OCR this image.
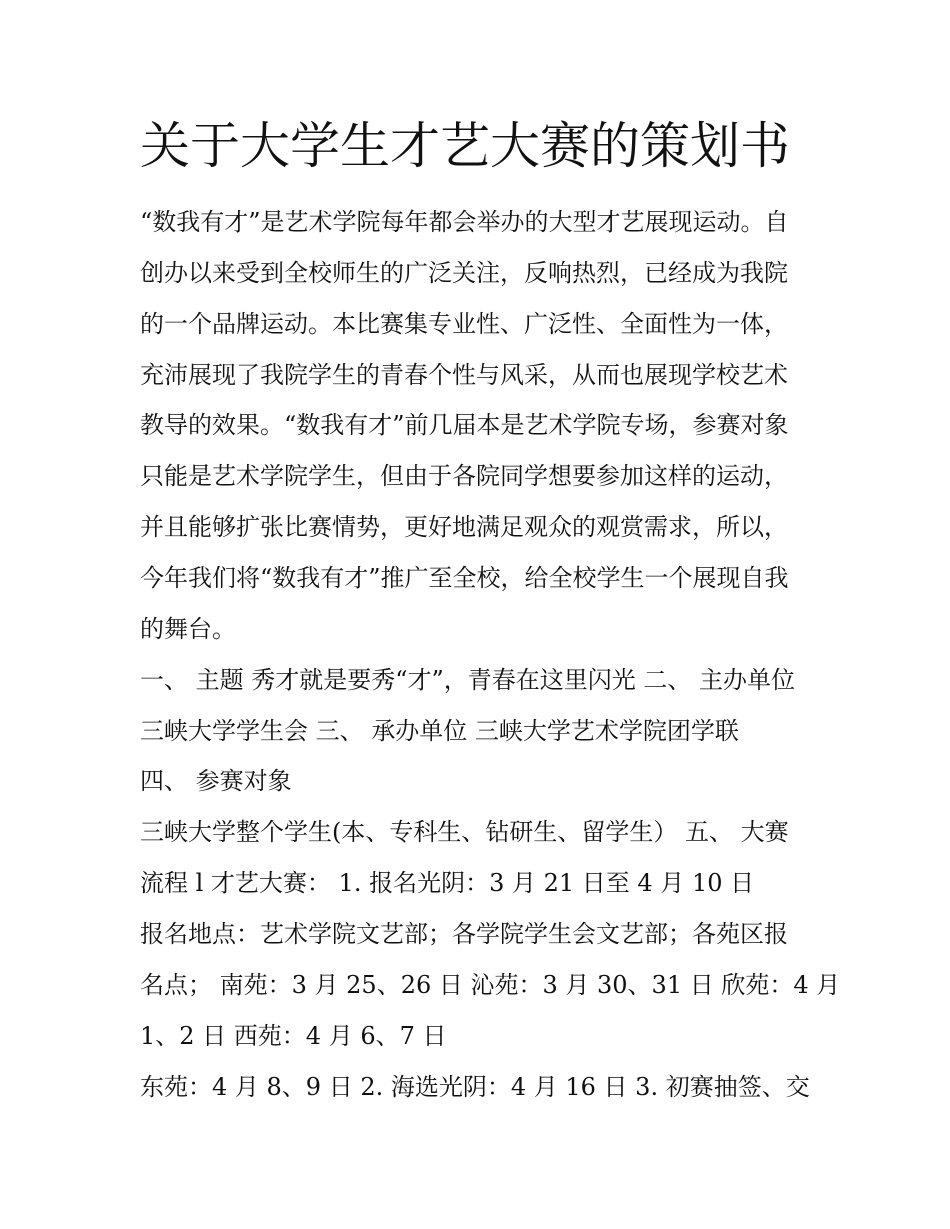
关于大学生才艺大赛的策划书

“数我有才”是艺术学院每年都会举办的大型才艺展现运动。自

创办以来受到全校师生的广泛关注，反响热烈，已经成为我院

的一个品牌运动。本比赛集专业性、广泛性、全面性为一体，

充沛展现了我院学生的青春个性与风采，从而也展现学校艺术

教导的效果。“数我有才”前几届本是艺术学院专场，参赛对象

只能是艺术学院学生，但由于各院同学想要参加这样的运动，

并且能够扩张比赛情势，更好地满足观众的观赏需求，所以，

今年我们将“数我有才”推广至全校，给全校学生一个展现自我

的舞台。

一、 主题 秀才就是要秀“才”，青春在这里闪光 二、 主办单位

三峡大学学生会 三、 承办单位 三峡大学艺术学院团学联

四、 参赛对象

三峡大学整个学生(本、专科生、钻研生、留学生） 五、 大赛

流程 l 才艺大赛： 1. 报名光阴：3 月 21 日至 4 月 10 日

报名地点：艺术学院文艺部；各学院学生会文艺部；各苑区报

名点； 南苑：3 月 25、26 日 沁苑：3 月 30、31 日 欣苑：4 月

1、2 日 西苑：4 月 6、7 日

东苑：4 月 8、9 日 2. 海选光阴：4 月 16 日 3. 初赛抽签、交
